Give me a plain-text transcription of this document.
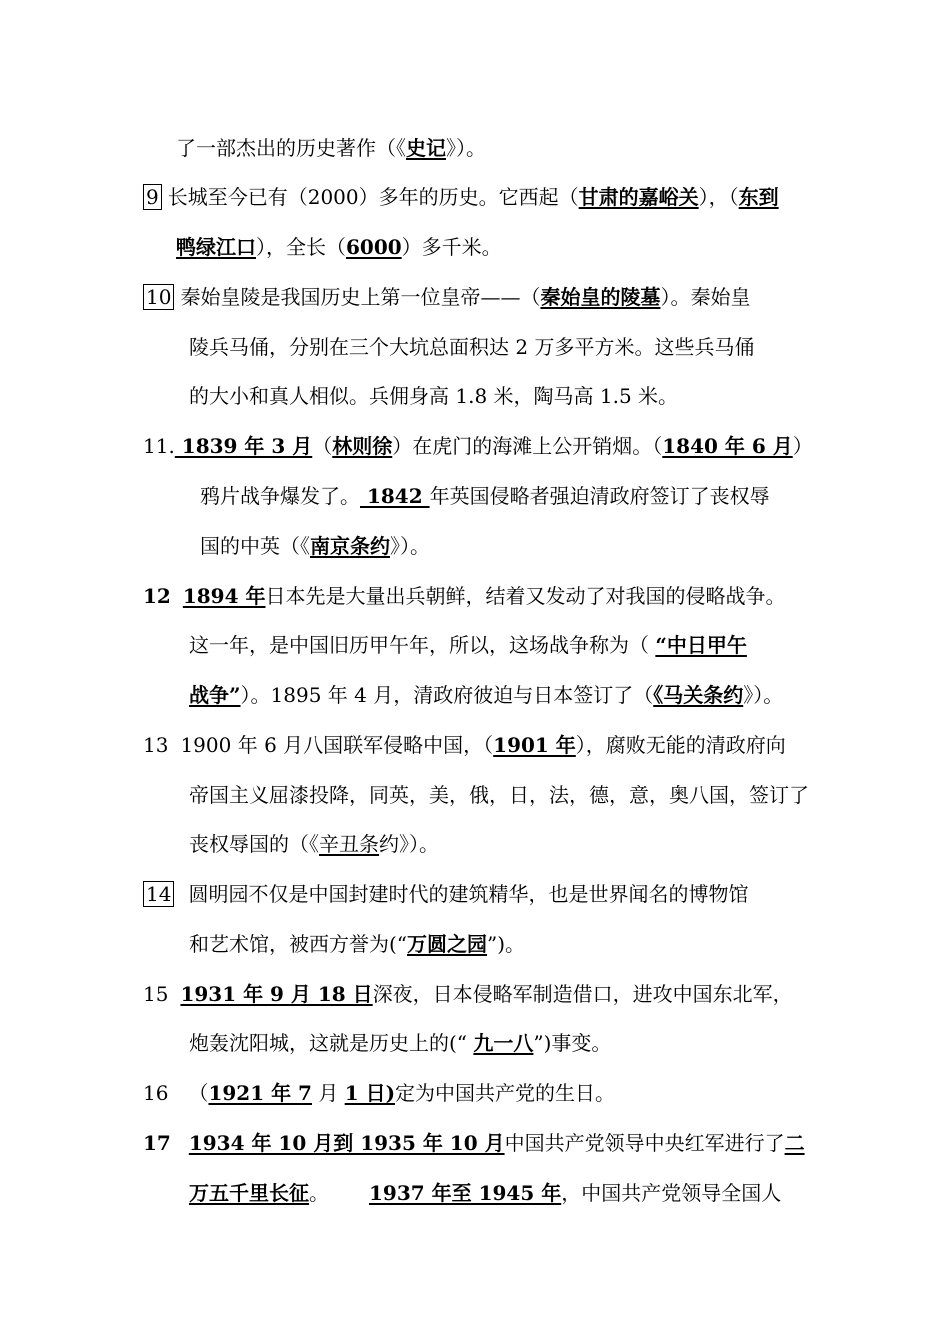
了一部杰出的历史著作（《史记》）。
9 长城至今已有（2000）多年的历史。它西起（甘肃的嘉峪关），（东到
鸭绿江口），全长（6000）多千米。
10 秦始皇陵是我国历史上第一位皇帝——（秦始皇的陵墓）。秦始皇
陵兵马俑，分别在三个大坑总面积达 2 万多平方米。这些兵马俑
的大小和真人相似。兵佣身高 1.8 米，陶马高 1.5 米。
11. 1839 年 3 月（林则徐）在虎门的海滩上公开销烟。（1840 年 6 月）
鸦片战争爆发了。 1842 年英国侵略者强迫清政府签订了丧权辱
国的中英（《南京条约》）。
12 1894 年日本先是大量出兵朝鲜，结着又发动了对我国的侵略战争。
这一年，是中国旧历甲午年，所以，这场战争称为（ “中日甲午
战争”）。1895 年 4 月，清政府彼迫与日本签订了（《马关条约》）。
13 1900 年 6 月八国联军侵略中国，（1901 年），腐败无能的清政府向
帝国主义屈漆投降，同英，美，俄，日，法，德，意，奥八国，签订了
丧权辱国的（《辛丑条约》）。
14 圆明园不仅是中国封建时代的建筑精华，也是世界闻名的博物馆
和艺术馆，被西方誉为(“万圆之园”)。
15 1931 年 9 月 18 日深夜，日本侵略军制造借口，进攻中国东北军，
炮轰沈阳城，这就是历史上的(“ 九一八”)事变。
16 （1921 年 7 月 1 日)定为中国共产党的生日。
17 1934 年 10 月到 1935 年 10 月中国共产党领导中央红军进行了二
万五千里长征。 1937 年至 1945 年，中国共产党领导全国人
